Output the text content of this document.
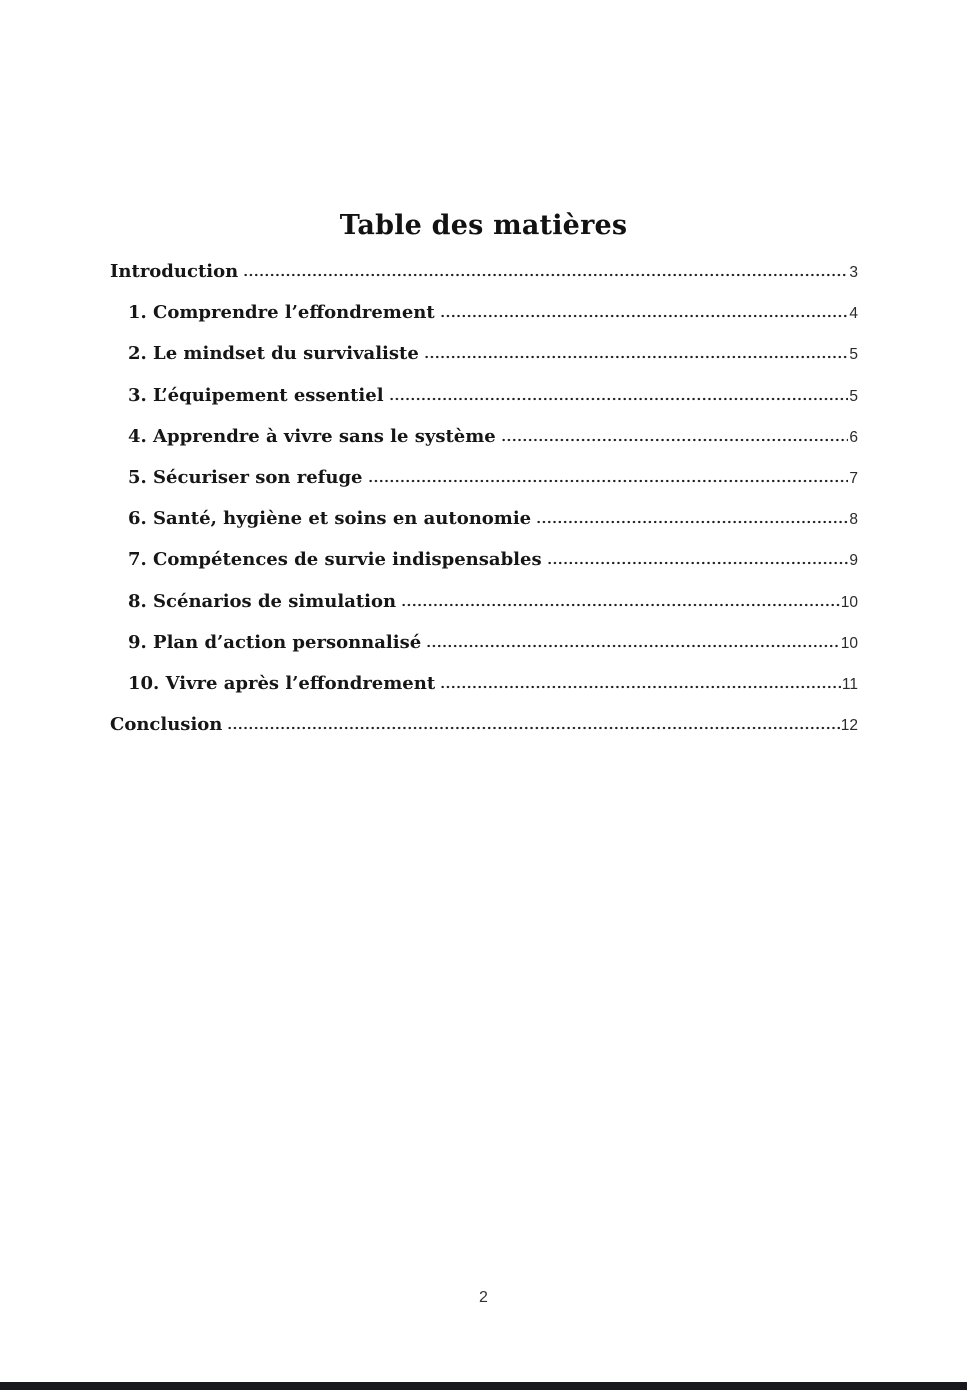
Table des matières
Introduction	3
1. Comprendre l’effondrement	4
2. Le mindset du survivaliste	5
3. L’équipement essentiel	5
4. Apprendre à vivre sans le système	6
5. Sécuriser son refuge	7
6. Santé, hygiène et soins en autonomie	8
7. Compétences de survie indispensables	9
8. Scénarios de simulation	10
9. Plan d’action personnalisé	10
10. Vivre après l’effondrement	11
Conclusion	12
2
